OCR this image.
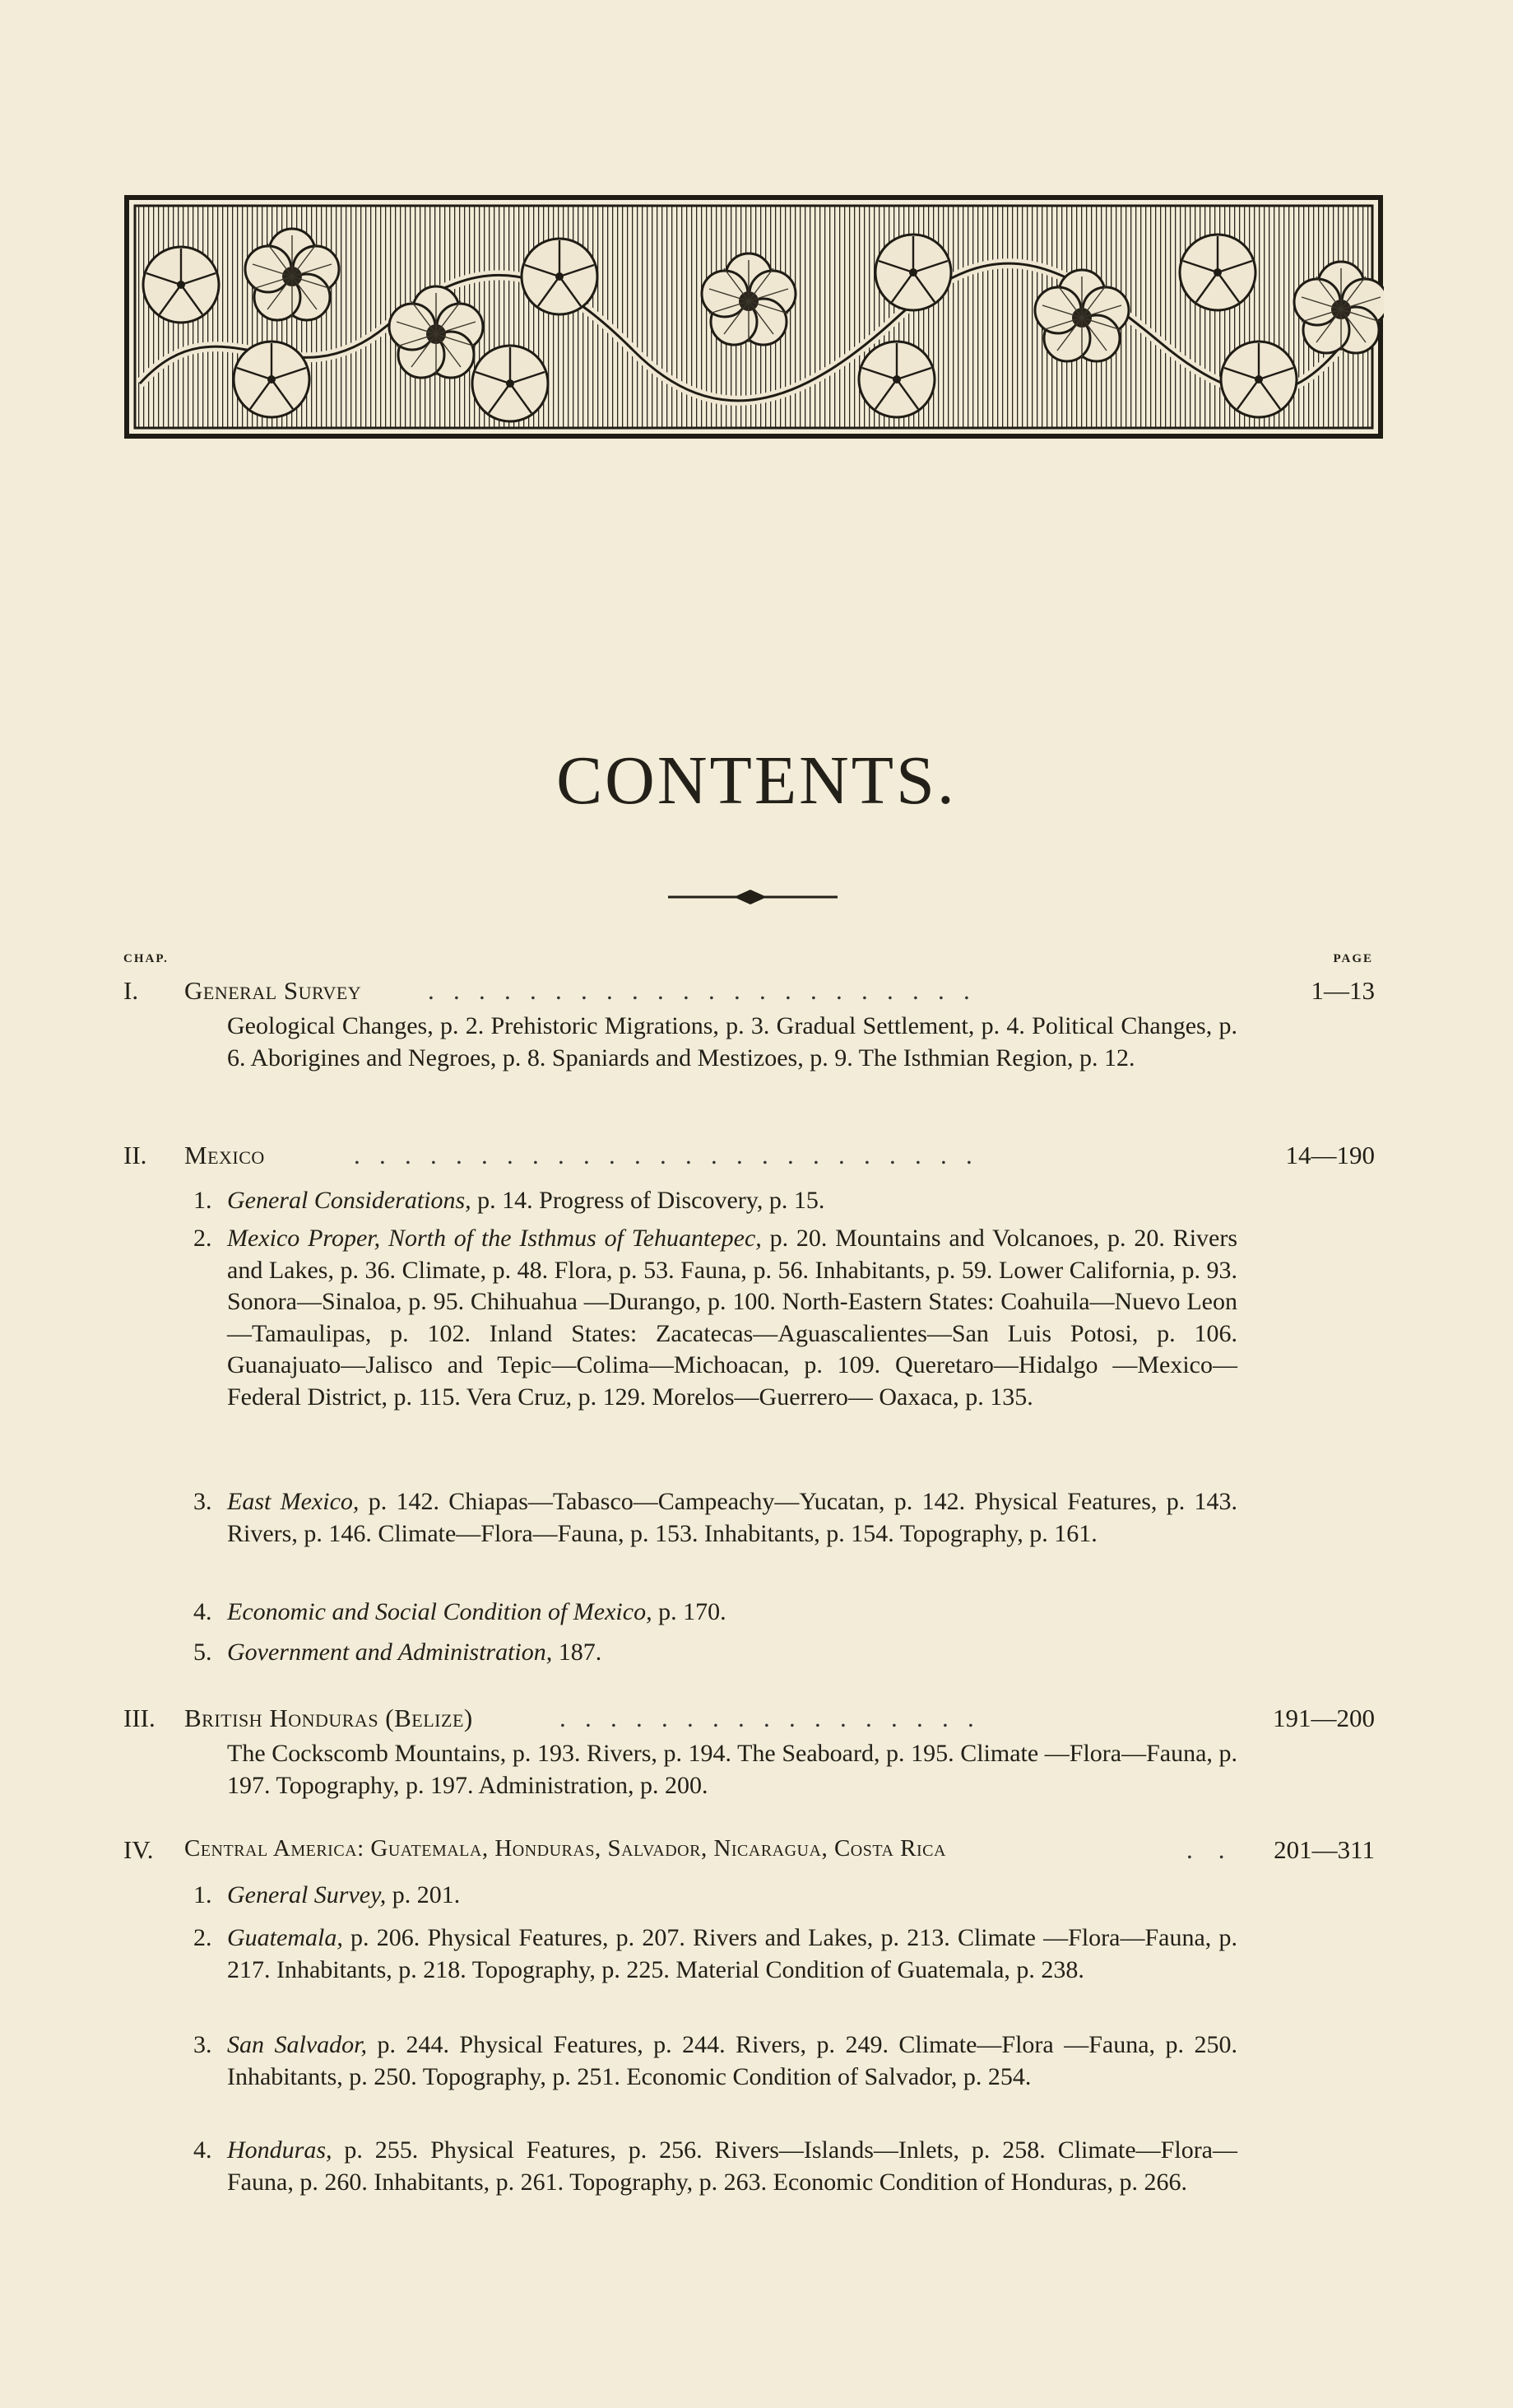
CONTENTS.
CHAP.	PAGE
I. General Survey	.   .   .   .   .   .   .   .   .   .   .   .   .   .   .   .   .   .   .   .   .   .	1—13
Geological Changes, p. 2. Prehistoric Migrations, p. 3. Gradual Settlement, p. 4. Political Changes, p. 6. Aborigines and Negroes, p. 8. Spaniards and Mestizoes, p. 9. The Isthmian Region, p. 12.
II. Mexico	.   .   .   .   .   .   .   .   .   .   .   .   .   .   .   .   .   .   .   .   .   .   .   .   .	14—190
1. General Considerations, p. 14. Progress of Discovery, p. 15.
2. Mexico Proper, North of the Isthmus of Tehuantepec, p. 20. Mountains and Volcanoes, p. 20. Rivers and Lakes, p. 36. Climate, p. 48. Flora, p. 53. Fauna, p. 56. Inhabitants, p. 59. Lower California, p. 93. Sonora—Sinaloa, p. 95. Chihuahua —Durango, p. 100. North-Eastern States: Coahuila—Nuevo Leon—Tamaulipas, p. 102. Inland States: Zacatecas—Aguascalientes—San Luis Potosi, p. 106. Guanajuato—Jalisco and Tepic—Colima—Michoacan, p. 109. Queretaro—Hidalgo —Mexico—Federal District, p. 115. Vera Cruz, p. 129. Morelos—Guerrero— Oaxaca, p. 135.
3. East Mexico, p. 142. Chiapas—Tabasco—Campeachy—Yucatan, p. 142. Physical Features, p. 143. Rivers, p. 146. Climate—Flora—Fauna, p. 153. Inhabitants, p. 154. Topography, p. 161.
4. Economic and Social Condition of Mexico, p. 170.
5. Government and Administration, 187.
III. British Honduras (Belize)	.   .   .   .   .   .   .   .   .   .   .   .   .   .   .   .   .	191—200
The Cockscomb Mountains, p. 193. Rivers, p. 194. The Seaboard, p. 195. Climate —Flora—Fauna, p. 197. Topography, p. 197. Administration, p. 200.
IV. Central America: Guatemala, Honduras, Salvador, Nicaragua, Costa Rica	.    . 201—311
1. General Survey, p. 201.
2. Guatemala, p. 206. Physical Features, p. 207. Rivers and Lakes, p. 213. Climate —Flora—Fauna, p. 217. Inhabitants, p. 218. Topography, p. 225. Material Condition of Guatemala, p. 238.
3. San Salvador, p. 244. Physical Features, p. 244. Rivers, p. 249. Climate—Flora —Fauna, p. 250. Inhabitants, p. 250. Topography, p. 251. Economic Condition of Salvador, p. 254.
4. Honduras, p. 255. Physical Features, p. 256. Rivers—Islands—Inlets, p. 258. Climate—Flora—Fauna, p. 260. Inhabitants, p. 261. Topography, p. 263. Economic Condition of Honduras, p. 266.
